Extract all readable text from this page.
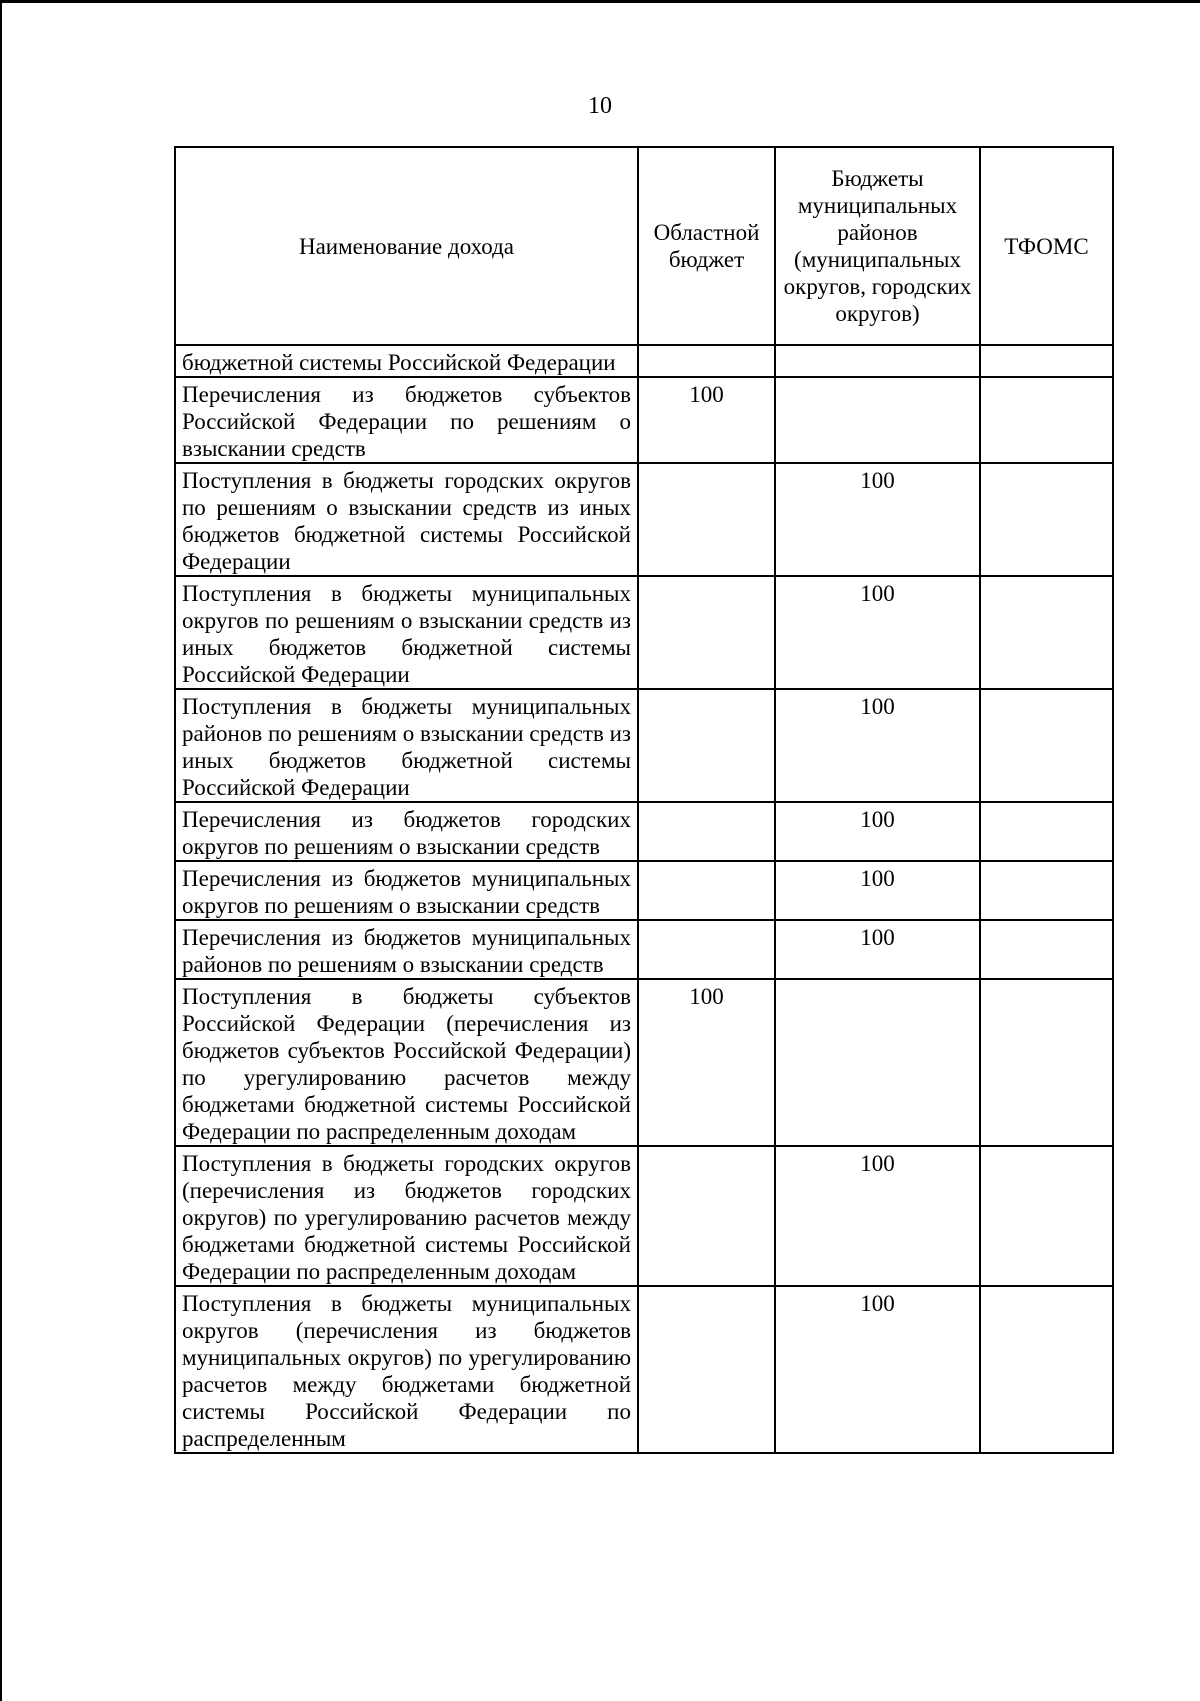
10
Наименование дохода	Областной бюджет	Бюджеты муниципальных районов (муниципальных округов, городских округов)	ТФОМС
бюджетной системы Российской Федерации			
Перечисления из бюджетов субъектов Российской Федерации по решениям о взыскании средств	100		
Поступления в бюджеты городских округов по решениям о взыскании средств из иных бюджетов бюджетной системы Российской Федерации		100	
Поступления в бюджеты муниципальных округов по решениям о взыскании средств из иных бюджетов бюджетной системы Российской Федерации		100	
Поступления в бюджеты муниципальных районов по решениям о взыскании средств из иных бюджетов бюджетной системы Российской Федерации		100	
Перечисления из бюджетов городских округов по решениям о взыскании средств		100	
Перечисления из бюджетов муниципальных округов по решениям о взыскании средств		100	
Перечисления из бюджетов муниципальных районов по решениям о взыскании средств		100	
Поступления в бюджеты субъектов Российской Федерации (перечисления из бюджетов субъектов Российской Федерации) по урегулированию расчетов между бюджетами бюджетной системы Российской Федерации по распределенным доходам	100		
Поступления в бюджеты городских округов (перечисления из бюджетов городских округов) по урегулированию расчетов между бюджетами бюджетной системы Российской Федерации по распределенным доходам		100	
Поступления в бюджеты муниципальных округов (перечисления из бюджетов муниципальных округов) по урегулированию расчетов между бюджетами бюджетной системы Российской Федерации по распределенным		100	
